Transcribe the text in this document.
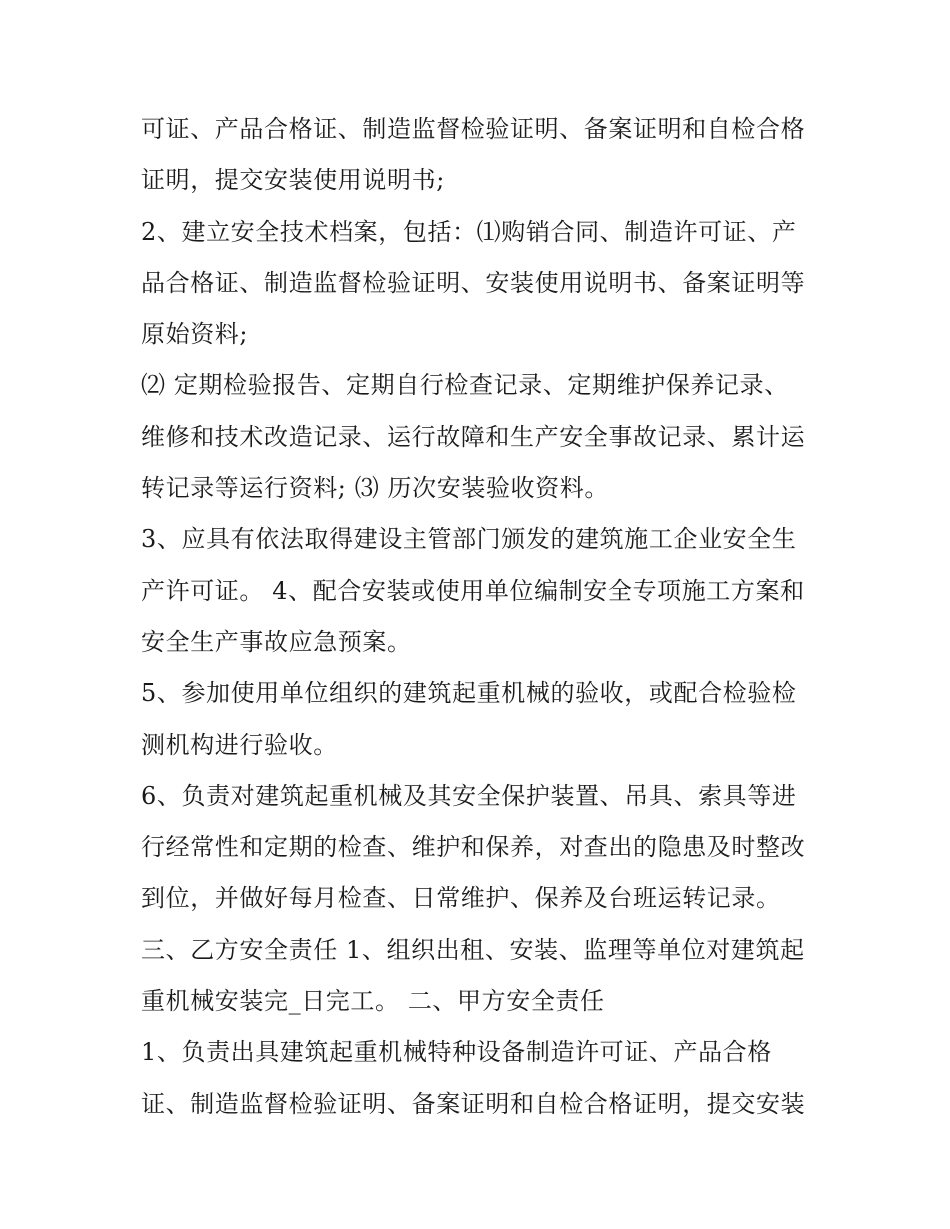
可证、产品合格证、制造监督检验证明、备案证明和自检合格
证明，提交安装使用说明书;
2、建立安全技术档案，包括：⑴购销合同、制造许可证、产
品合格证、制造监督检验证明、安装使用说明书、备案证明等
原始资料;
⑵ 定期检验报告、定期自行检查记录、定期维护保养记录、
维修和技术改造记录、运行故障和生产安全事故记录、累计运
转记录等运行资料; ⑶ 历次安装验收资料。
3、应具有依法取得建设主管部门颁发的建筑施工企业安全生
产许可证。 4、配合安装或使用单位编制安全专项施工方案和
安全生产事故应急预案。
5、参加使用单位组织的建筑起重机械的验收，或配合检验检
测机构进行验收。
6、负责对建筑起重机械及其安全保护装置、吊具、索具等进
行经常性和定期的检查、维护和保养，对查出的隐患及时整改
到位，并做好每月检查、日常维护、保养及台班运转记录。
三、乙方安全责任 1、组织出租、安装、监理等单位对建筑起
重机械安装完_日完工。 二、甲方安全责任
1、负责出具建筑起重机械特种设备制造许可证、产品合格
证、制造监督检验证明、备案证明和自检合格证明，提交安装
